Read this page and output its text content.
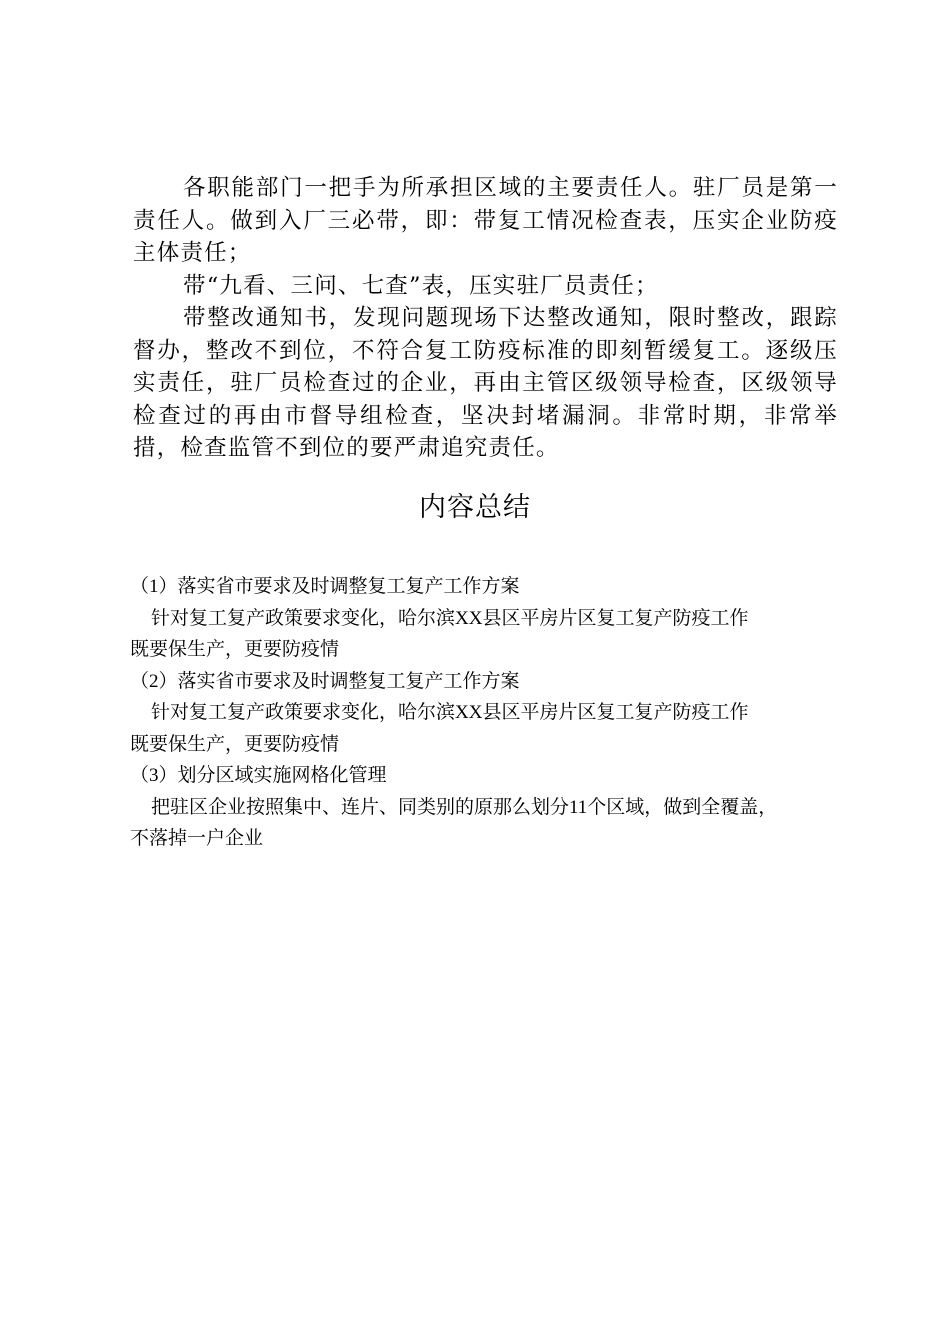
各职能部门一把手为所承担区域的主要责任人。驻厂员是第一责任人。做到入厂三必带，即：带复工情况检查表，压实企业防疫主体责任；

带“九看、三问、七查”表，压实驻厂员责任；

带整改通知书，发现问题现场下达整改通知，限时整改，跟踪督办，整改不到位，不符合复工防疫标准的即刻暂缓复工。逐级压实责任，驻厂员检查过的企业，再由主管区级领导检查，区级领导检查过的再由市督导组检查，坚决封堵漏洞。非常时期，非常举措，检查监管不到位的要严肃追究责任。

内容总结

（1）落实省市要求及时调整复工复产工作方案

针对复工复产政策要求变化，哈尔滨XX县区平房片区复工复产防疫工作

既要保生产，更要防疫情

（2）落实省市要求及时调整复工复产工作方案

针对复工复产政策要求变化，哈尔滨XX县区平房片区复工复产防疫工作

既要保生产，更要防疫情

（3）划分区域实施网格化管理

把驻区企业按照集中、连片、同类别的原那么划分11个区域，做到全覆盖，

不落掉一户企业
